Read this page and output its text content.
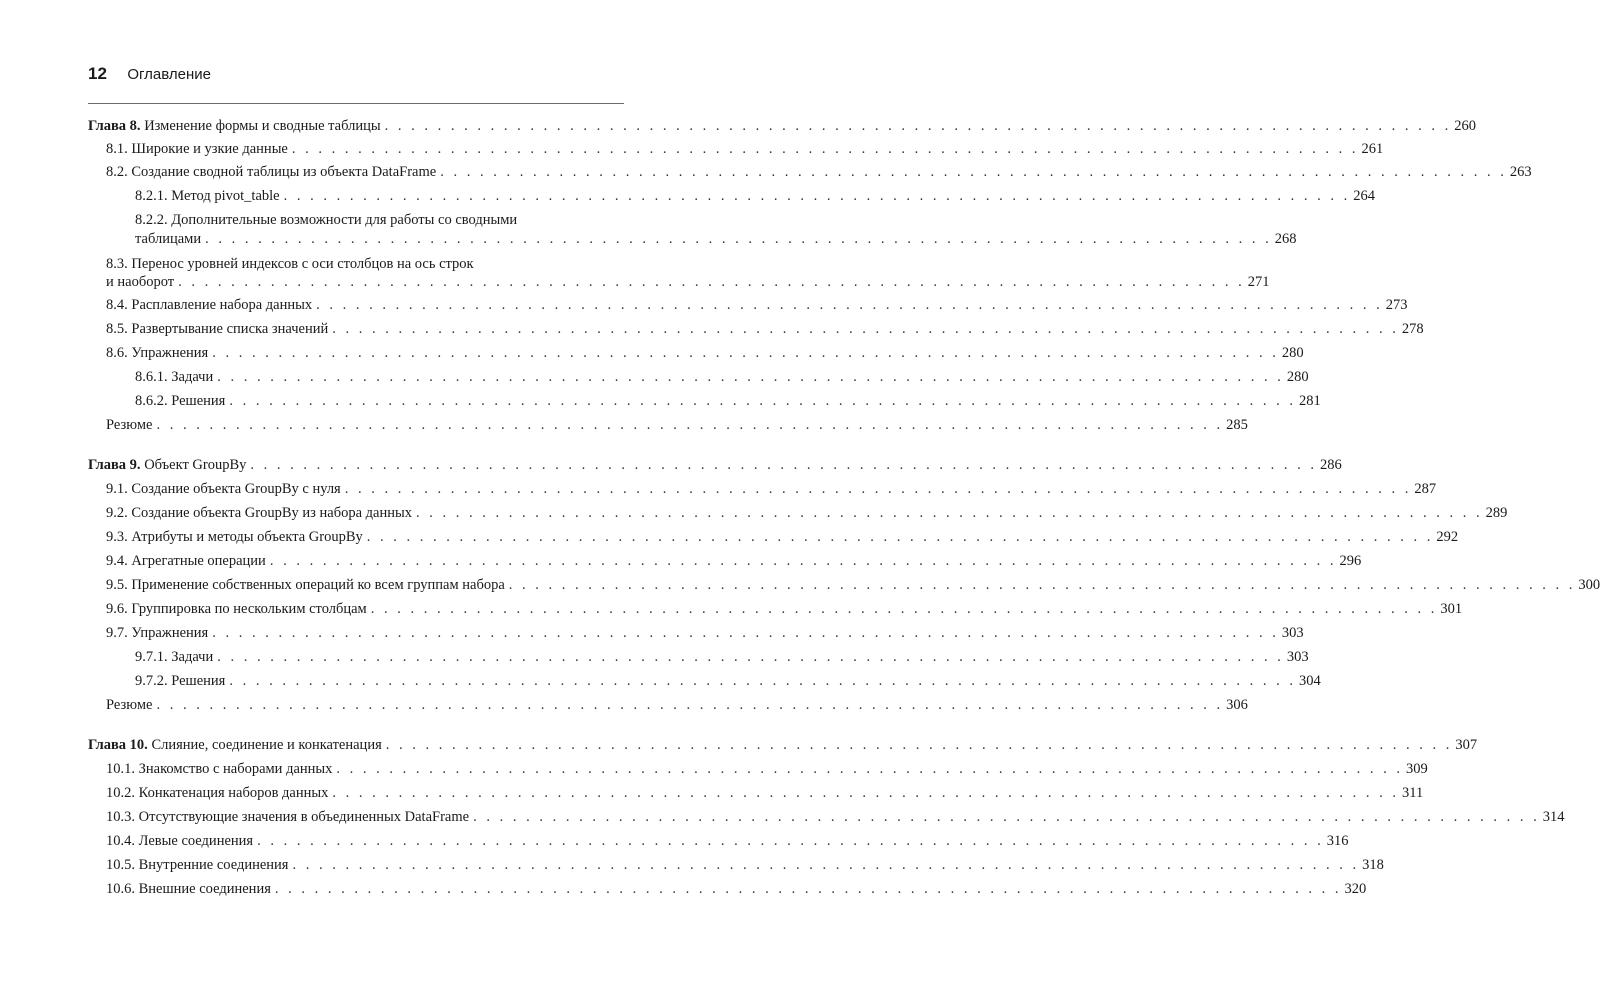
12 Оглавление
Глава 8. Изменение формы и сводные таблицы . . . . . . . . . . . . . . . . . . . . . . . . . . . . . . . . . . . . . . . . . . . . . . . . . . . . . . . . . . . . . . . . . . . . . . . . . . . . . . . . . 260
8.1. Широкие и узкие данные . . . . . . . . . . . . . . . . . . . . . . . . . . . . . . . . . . . . . . . . . . . . . . . . . . . . . . . . . . . . . . . . . . . . . . . . . . . . . . . . . 261
8.2. Создание сводной таблицы из объекта DataFrame . . . . . . . . . . . . . . . . . . . . . . . . . . . . . . . . . . . . . . . . . . . . . . . . . . . . . . . . . . . . . . . . . . . . . . . . . . . . . . . . . 263
8.2.1. Метод pivot_table . . . . . . . . . . . . . . . . . . . . . . . . . . . . . . . . . . . . . . . . . . . . . . . . . . . . . . . . . . . . . . . . . . . . . . . . . . . . . . . . . 264
8.2.2. Дополнительные возможности для работы со сводными
таблицами . . . . . . . . . . . . . . . . . . . . . . . . . . . . . . . . . . . . . . . . . . . . . . . . . . . . . . . . . . . . . . . . . . . . . . . . . . . . . . . . . 268
8.3. Перенос уровней индексов с оси столбцов на ось строк
и наоборот . . . . . . . . . . . . . . . . . . . . . . . . . . . . . . . . . . . . . . . . . . . . . . . . . . . . . . . . . . . . . . . . . . . . . . . . . . . . . . . . . 271
8.4. Расплавление набора данных . . . . . . . . . . . . . . . . . . . . . . . . . . . . . . . . . . . . . . . . . . . . . . . . . . . . . . . . . . . . . . . . . . . . . . . . . . . . . . . . . 273
8.5. Развертывание списка значений . . . . . . . . . . . . . . . . . . . . . . . . . . . . . . . . . . . . . . . . . . . . . . . . . . . . . . . . . . . . . . . . . . . . . . . . . . . . . . . . . 278
8.6. Упражнения . . . . . . . . . . . . . . . . . . . . . . . . . . . . . . . . . . . . . . . . . . . . . . . . . . . . . . . . . . . . . . . . . . . . . . . . . . . . . . . . . 280
8.6.1. Задачи . . . . . . . . . . . . . . . . . . . . . . . . . . . . . . . . . . . . . . . . . . . . . . . . . . . . . . . . . . . . . . . . . . . . . . . . . . . . . . . . . 280
8.6.2. Решения . . . . . . . . . . . . . . . . . . . . . . . . . . . . . . . . . . . . . . . . . . . . . . . . . . . . . . . . . . . . . . . . . . . . . . . . . . . . . . . . . 281
Резюме . . . . . . . . . . . . . . . . . . . . . . . . . . . . . . . . . . . . . . . . . . . . . . . . . . . . . . . . . . . . . . . . . . . . . . . . . . . . . . . . . 285
Глава 9. Объект GroupBy . . . . . . . . . . . . . . . . . . . . . . . . . . . . . . . . . . . . . . . . . . . . . . . . . . . . . . . . . . . . . . . . . . . . . . . . . . . . . . . . . 286
9.1. Создание объекта GroupBy с нуля . . . . . . . . . . . . . . . . . . . . . . . . . . . . . . . . . . . . . . . . . . . . . . . . . . . . . . . . . . . . . . . . . . . . . . . . . . . . . . . . . 287
9.2. Создание объекта GroupBy из набора данных . . . . . . . . . . . . . . . . . . . . . . . . . . . . . . . . . . . . . . . . . . . . . . . . . . . . . . . . . . . . . . . . . . . . . . . . . . . . . . . . . 289
9.3. Атрибуты и методы объекта GroupBy . . . . . . . . . . . . . . . . . . . . . . . . . . . . . . . . . . . . . . . . . . . . . . . . . . . . . . . . . . . . . . . . . . . . . . . . . . . . . . . . . 292
9.4. Агрегатные операции . . . . . . . . . . . . . . . . . . . . . . . . . . . . . . . . . . . . . . . . . . . . . . . . . . . . . . . . . . . . . . . . . . . . . . . . . . . . . . . . . 296
9.5. Применение собственных операций ко всем группам набора . . . . . . . . . . . . . . . . . . . . . . . . . . . . . . . . . . . . . . . . . . . . . . . . . . . . . . . . . . . . . . . . . . . . . . . . . . . . . . . . . 300
9.6. Группировка по нескольким столбцам . . . . . . . . . . . . . . . . . . . . . . . . . . . . . . . . . . . . . . . . . . . . . . . . . . . . . . . . . . . . . . . . . . . . . . . . . . . . . . . . . 301
9.7. Упражнения . . . . . . . . . . . . . . . . . . . . . . . . . . . . . . . . . . . . . . . . . . . . . . . . . . . . . . . . . . . . . . . . . . . . . . . . . . . . . . . . . 303
9.7.1. Задачи . . . . . . . . . . . . . . . . . . . . . . . . . . . . . . . . . . . . . . . . . . . . . . . . . . . . . . . . . . . . . . . . . . . . . . . . . . . . . . . . . 303
9.7.2. Решения . . . . . . . . . . . . . . . . . . . . . . . . . . . . . . . . . . . . . . . . . . . . . . . . . . . . . . . . . . . . . . . . . . . . . . . . . . . . . . . . . 304
Резюме . . . . . . . . . . . . . . . . . . . . . . . . . . . . . . . . . . . . . . . . . . . . . . . . . . . . . . . . . . . . . . . . . . . . . . . . . . . . . . . . . 306
Глава 10. Слияние, соединение и конкатенация . . . . . . . . . . . . . . . . . . . . . . . . . . . . . . . . . . . . . . . . . . . . . . . . . . . . . . . . . . . . . . . . . . . . . . . . . . . . . . . . . 307
10.1. Знакомство с наборами данных . . . . . . . . . . . . . . . . . . . . . . . . . . . . . . . . . . . . . . . . . . . . . . . . . . . . . . . . . . . . . . . . . . . . . . . . . . . . . . . . . 309
10.2. Конкатенация наборов данных . . . . . . . . . . . . . . . . . . . . . . . . . . . . . . . . . . . . . . . . . . . . . . . . . . . . . . . . . . . . . . . . . . . . . . . . . . . . . . . . . 311
10.3. Отсутствующие значения в объединенных DataFrame . . . . . . . . . . . . . . . . . . . . . . . . . . . . . . . . . . . . . . . . . . . . . . . . . . . . . . . . . . . . . . . . . . . . . . . . . . . . . . . . . 314
10.4. Левые соединения . . . . . . . . . . . . . . . . . . . . . . . . . . . . . . . . . . . . . . . . . . . . . . . . . . . . . . . . . . . . . . . . . . . . . . . . . . . . . . . . . 316
10.5. Внутренние соединения . . . . . . . . . . . . . . . . . . . . . . . . . . . . . . . . . . . . . . . . . . . . . . . . . . . . . . . . . . . . . . . . . . . . . . . . . . . . . . . . . 318
10.6. Внешние соединения . . . . . . . . . . . . . . . . . . . . . . . . . . . . . . . . . . . . . . . . . . . . . . . . . . . . . . . . . . . . . . . . . . . . . . . . . . . . . . . . . 320
